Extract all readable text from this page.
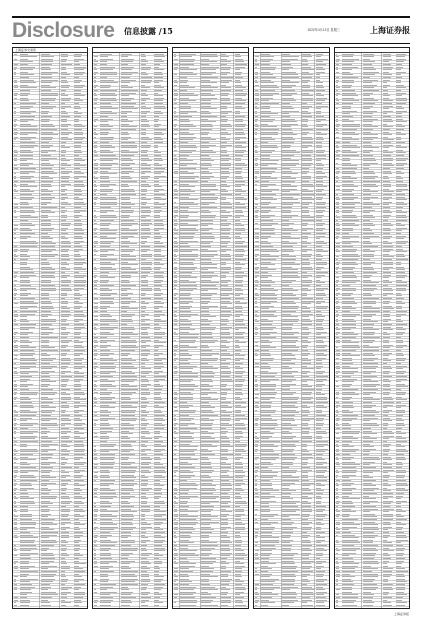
Disclosure 信息披露 /15	2022年4月13日 星期三	上海证券报
上海证券交易所
上海证券报
